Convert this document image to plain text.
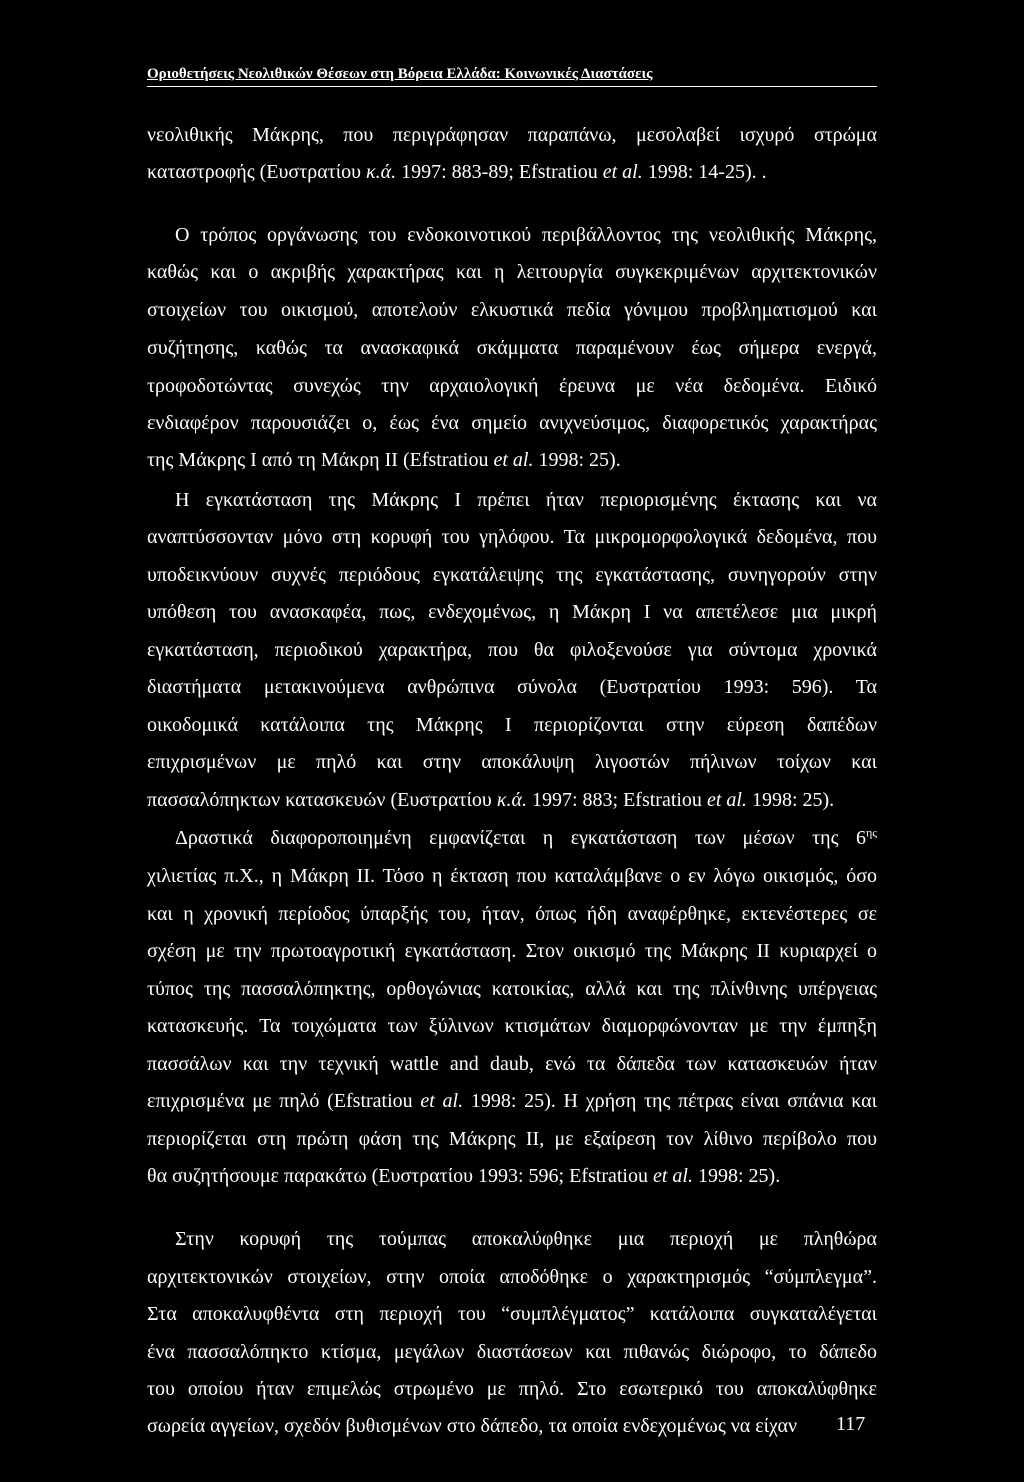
Οριοθετήσεις Νεολιθικών Θέσεων στη Βόρεια Ελλάδα: Κοινωνικές Διαστάσεις
νεολιθικής Μάκρης, που περιγράφησαν παραπάνω, μεσολαβεί ισχυρό στρώμα
καταστροφής (Ευστρατίου κ.ά. 1997: 883-89; Efstratiou et al. 1998: 14-25). .
Ο τρόπος οργάνωσης του ενδοκοινοτικού περιβάλλοντος της νεολιθικής Μάκρης,
καθώς και ο ακριβής χαρακτήρας και η λειτουργία συγκεκριμένων αρχιτεκτονικών
στοιχείων του οικισμού, αποτελούν ελκυστικά πεδία γόνιμου προβληματισμού και
συζήτησης, καθώς τα ανασκαφικά σκάμματα παραμένουν έως σήμερα ενεργά,
τροφοδοτώντας συνεχώς την αρχαιολογική έρευνα με νέα δεδομένα. Ειδικό
ενδιαφέρον παρουσιάζει ο, έως ένα σημείο ανιχνεύσιμος, διαφορετικός χαρακτήρας
της Μάκρης Ι από τη Μάκρη ΙΙ (Efstratiou et al. 1998: 25).
Η εγκατάσταση της Μάκρης Ι πρέπει ήταν περιορισμένης έκτασης και να
αναπτύσσονταν μόνο στη κορυφή του γηλόφου. Τα μικρομορφολογικά δεδομένα, που
υποδεικνύουν συχνές περιόδους εγκατάλειψης της εγκατάστασης, συνηγορούν στην
υπόθεση του ανασκαφέα, πως, ενδεχομένως, η Μάκρη Ι να απετέλεσε μια μικρή
εγκατάσταση, περιοδικού χαρακτήρα, που θα φιλοξενούσε για σύντομα χρονικά
διαστήματα μετακινούμενα ανθρώπινα σύνολα (Ευστρατίου 1993: 596). Τα
οικοδομικά κατάλοιπα της Μάκρης Ι περιορίζονται στην εύρεση δαπέδων
επιχρισμένων με πηλό και στην αποκάλυψη λιγοστών πήλινων τοίχων και
πασσαλόπηκτων κατασκευών (Ευστρατίου κ.ά. 1997: 883; Efstratiou et al. 1998: 25).
Δραστικά διαφοροποιημένη εμφανίζεται η εγκατάσταση των μέσων της $6^{\eta\varsigma}$
χιλιετίας π.Χ., η Μάκρη ΙΙ. Τόσο η έκταση που καταλάμβανε ο εν λόγω οικισμός, όσο
και η χρονική περίοδος ύπαρξής του, ήταν, όπως ήδη αναφέρθηκε, εκτενέστερες σε
σχέση με την πρωτοαγροτική εγκατάσταση. Στον οικισμό της Μάκρης ΙΙ κυριαρχεί ο
τύπος της πασσαλόπηκτης, ορθογώνιας κατοικίας, αλλά και της πλίνθινης υπέργειας
κατασκευής. Τα τοιχώματα των ξύλινων κτισμάτων διαμορφώνονταν με την έμπηξη
πασσάλων και την τεχνική wattle and daub, ενώ τα δάπεδα των κατασκευών ήταν
επιχρισμένα με πηλό (Efstratiou et al. 1998: 25). Η χρήση της πέτρας είναι σπάνια και
περιορίζεται στη πρώτη φάση της Μάκρης ΙΙ, με εξαίρεση τον λίθινο περίβολο που
θα συζητήσουμε παρακάτω (Ευστρατίου 1993: 596; Efstratiou et al. 1998: 25).
Στην κορυφή της τούμπας αποκαλύφθηκε μια περιοχή με πληθώρα
αρχιτεκτονικών στοιχείων, στην οποία αποδόθηκε ο χαρακτηρισμός “σύμπλεγμα”.
Στα αποκαλυφθέντα στη περιοχή του “συμπλέγματος” κατάλοιπα συγκαταλέγεται
ένα πασσαλόπηκτο κτίσμα, μεγάλων διαστάσεων και πιθανώς διώροφο, το δάπεδο
του οποίου ήταν επιμελώς στρωμένο με πηλό. Στο εσωτερικό του αποκαλύφθηκε
σωρεία αγγείων, σχεδόν βυθισμένων στο δάπεδο, τα οποία ενδεχομένως να είχαν	117
